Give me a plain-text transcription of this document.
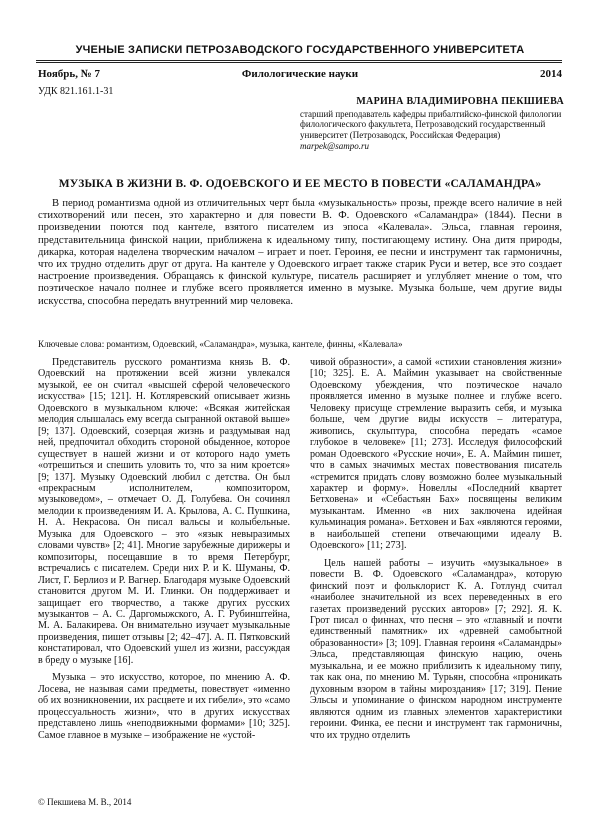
УЧЕНЫЕ ЗАПИСКИ ПЕТРОЗАВОДСКОГО ГОСУДАРСТВЕННОГО УНИВЕРСИТЕТА
Ноябрь, № 7	Филологические науки	2014
УДК 821.161.1-31
МАРИНА ВЛАДИМИРОВНА ПЕКШИЕВА
старший преподаватель кафедры прибалтийско-финской филологии филологического факультета, Петрозаводский государственный университет (Петрозаводск, Российская Федерация)
marpek@sampo.ru
МУЗЫКА В ЖИЗНИ В. Ф. ОДОЕВСКОГО И ЕЕ МЕСТО В ПОВЕСТИ «САЛАМАНДРА»

В период романтизма одной из отличительных черт была «музыкальность» прозы, прежде всего наличие в ней стихотворений или песен, это характерно и для повести В. Ф. Одоевского «Саламандра» (1844). Песни в произведении поются под кантеле, взятого писателем из эпоса «Калевала». Эльса, главная героиня, представительница финской нации, приближена к идеальному типу, постигающему истину. Она дитя природы, дикарка, которая наделена творческим началом – играет и поет. Героиня, ее песни и инструмент так гармоничны, что их трудно отделить друг от друга. На кантеле у Одоевского играет также старик Руси и ветер, все это создает настроение произведения. Обращаясь к финской культуре, писатель расширяет и углубляет мнение о том, что поэтическое начало полнее и глубже всего проявляется именно в музыке. Музыка больше, чем другие виды искусства, способна передать внутренний мир человека.

Ключевые слова: романтизм, Одоевский, «Саламандра», музыка, кантеле, финны, «Калевала»

Представитель русского романтизма князь В. Ф. Одоевский на протяжении всей жизни увлекался музыкой, ее он считал «высшей сферой человеческого искусства» [15; 121]. Н. Котляревский описывает жизнь Одоевского в музыкальном ключе: «Всякая житейская мелодия слышалась ему всегда сыгранной октавой выше» [9; 137]. Одоевский, созерцая жизнь и раздумывая над ней, предпочитал обходить стороной обыденное, которое существует в нашей жизни и от которого надо уметь «отрешиться и спешить уловить то, что за ним кроется» [9; 137]. Музыку Одоевский любил с детства. Он был «прекрасным исполнителем, композитором, музыковедом», – отмечает О. Д. Голубева. Он сочинял мелодии к произведениям И. А. Крылова, А. С. Пушкина, Н. А. Некрасова. Он писал вальсы и колыбельные. Музыка для Одоевского – это «язык невыразимых словами чувств» [2; 41]. Многие зарубежные дирижеры и композиторы, посещавшие в то время Петербург, встречались с писателем. Среди них Р. и К. Шуманы, Ф. Лист, Г. Берлиоз и Р. Вагнер. Благодаря музыке Одоевский становится другом М. И. Глинки. Он поддерживает и защищает его творчество, а также других русских музыкантов – А. С. Даргомыжского, А. Г. Рубинштейна, М. А. Балакирева. Он внимательно изучает музыкальные произведения, пишет отзывы [2; 42–47]. А. П. Пятковский констатировал, что Одоевский ушел из жизни, рассуждая в бреду о музыке [16].

Музыка – это искусство, которое, по мнению А. Ф. Лосева, не называя сами предметы, повествует «именно об их возникновении, их расцвете и их гибели», это «само процессуальность жизни», что в других искусствах представлено лишь «неподвижными формами» [10; 325]. Самое главное в музыке – изображение не «устой-

чивой образности», а самой «стихии становления жизни» [10; 325]. Е. А. Маймин указывает на свойственные Одоевскому убеждения, что поэтическое начало проявляется именно в музыке полнее и глубже всего. Человеку присуще стремление выразить себя, и музыка больше, чем другие виды искусств – литература, живопись, скульптура, способна передать «самое глубокое в человеке» [11; 273]. Исследуя философский роман Одоевского «Русские ночи», Е. А. Маймин пишет, что в самых значимых местах повествования писатель «стремится придать слову возможно более музыкальный характер и форму». Новеллы «Последний квартет Бетховена» и «Себастьян Бах» посвящены великим музыкантам. Именно «в них заключена идейная кульминация романа». Бетховен и Бах «являются героями, в наибольшей степени отвечающими идеалу В. Одоевского» [11; 273].

Цель нашей работы – изучить «музыкальное» в повести В. Ф. Одоевского «Саламандра», которую финский поэт и фольклорист К. А. Готлунд считал «наиболее значительной из всех переведенных в его газетах произведений русских авторов» [7; 292]. Я. К. Грот писал о финнах, что песня – это «главный и почти единственный памятник» их «древней самобытной образованности» [3; 109]. Главная героиня «Саламандры» Эльса, представляющая финскую нацию, очень музыкальна, и ее можно приблизить к идеальному типу, так как она, по мнению М. Турьян, способна «проникать духовным взором в тайны мироздания» [17; 319]. Пение Эльсы и упоминание о финском народном инструменте являются одним из главных элементов характеристики героини. Финка, ее песни и инструмент так гармоничны, что их трудно отделить

© Пекшиева М. В., 2014
